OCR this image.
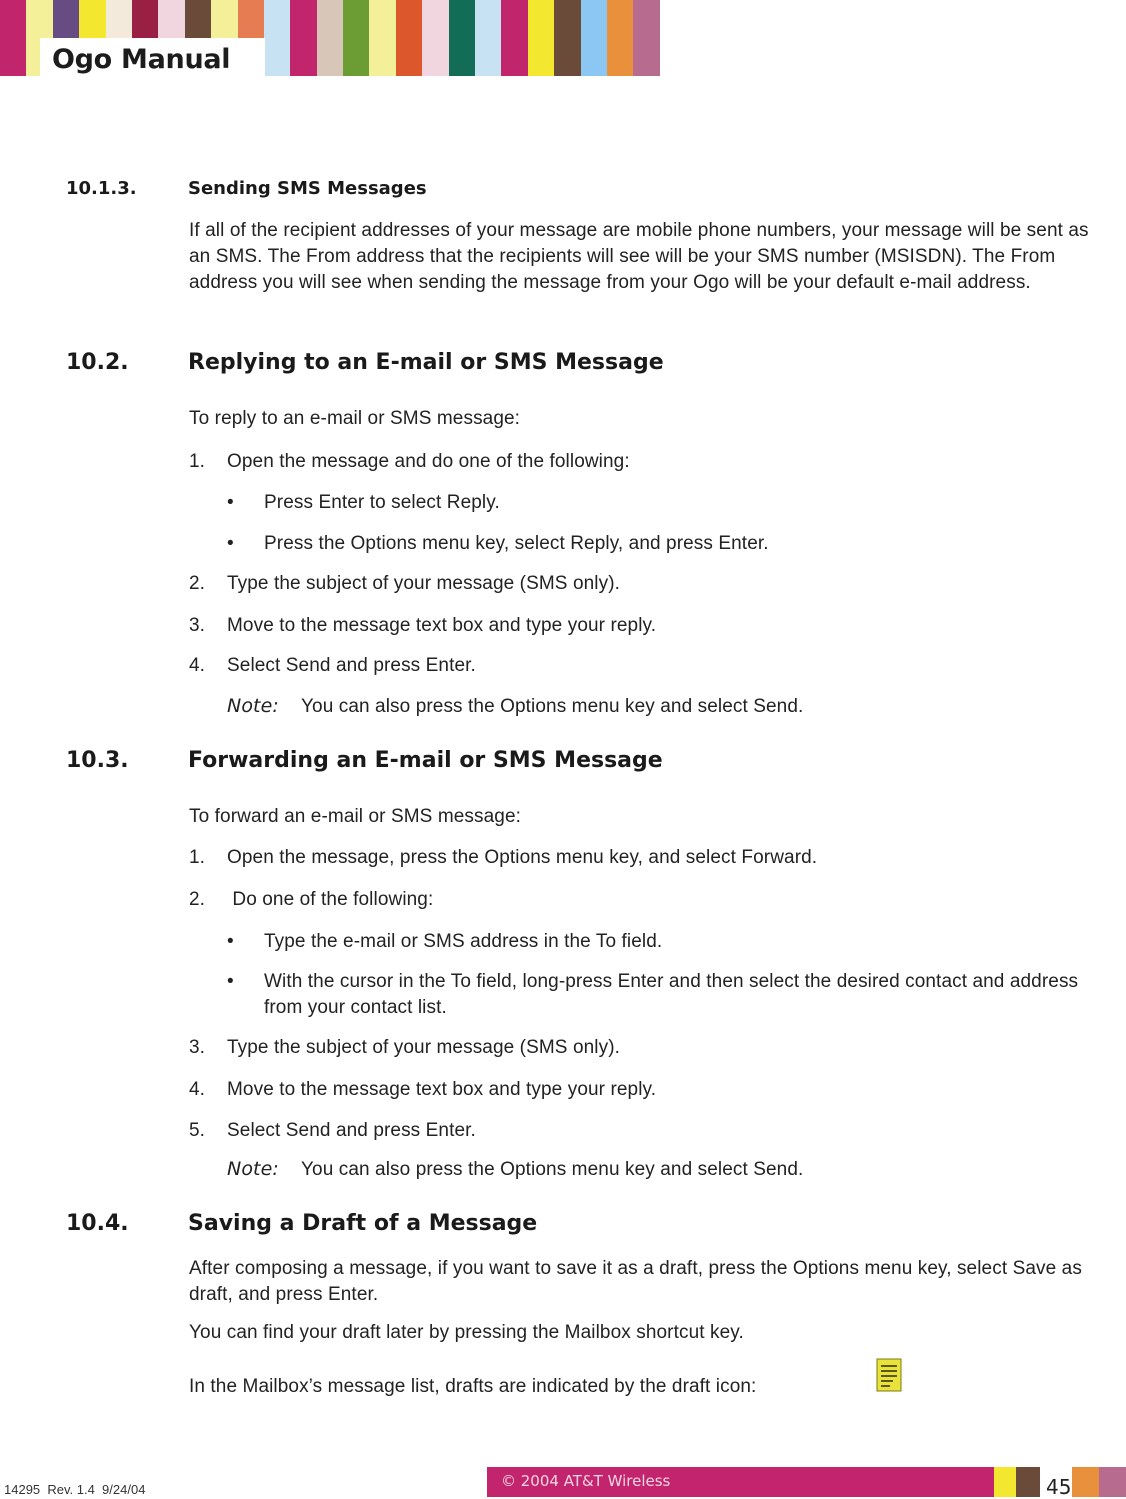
Ogo Manual
10.1.3.	Sending SMS Messages
If all of the recipient addresses of your message are mobile phone numbers, your message will be sent as an SMS. The From address that the recipients will see will be your SMS number (MSISDN). The From address you will see when sending the message from your Ogo will be your default e-mail address.
10.2.	Replying to an E-mail or SMS Message
To reply to an e-mail or SMS message:
1. Open the message and do one of the following:
• Press Enter to select Reply.
• Press the Options menu key, select Reply, and press Enter.
2. Type the subject of your message (SMS only).
3. Move to the message text box and type your reply.
4. Select Send and press Enter.
Note: You can also press the Options menu key and select Send.
10.3.	Forwarding an E-mail or SMS Message
To forward an e-mail or SMS message:
1. Open the message, press the Options menu key, and select Forward.
2. Do one of the following:
• Type the e-mail or SMS address in the To field.
• With the cursor in the To field, long-press Enter and then select the desired contact and address from your contact list.
3. Type the subject of your message (SMS only).
4. Move to the message text box and type your reply.
5. Select Send and press Enter.
Note: You can also press the Options menu key and select Send.
10.4.	Saving a Draft of a Message
After composing a message, if you want to save it as a draft, press the Options menu key, select Save as draft, and press Enter.
You can find your draft later by pressing the Mailbox shortcut key.
In the Mailbox’s message list, drafts are indicated by the draft icon:
14295  Rev. 1.4  9/24/04	© 2004 AT&T Wireless	45
